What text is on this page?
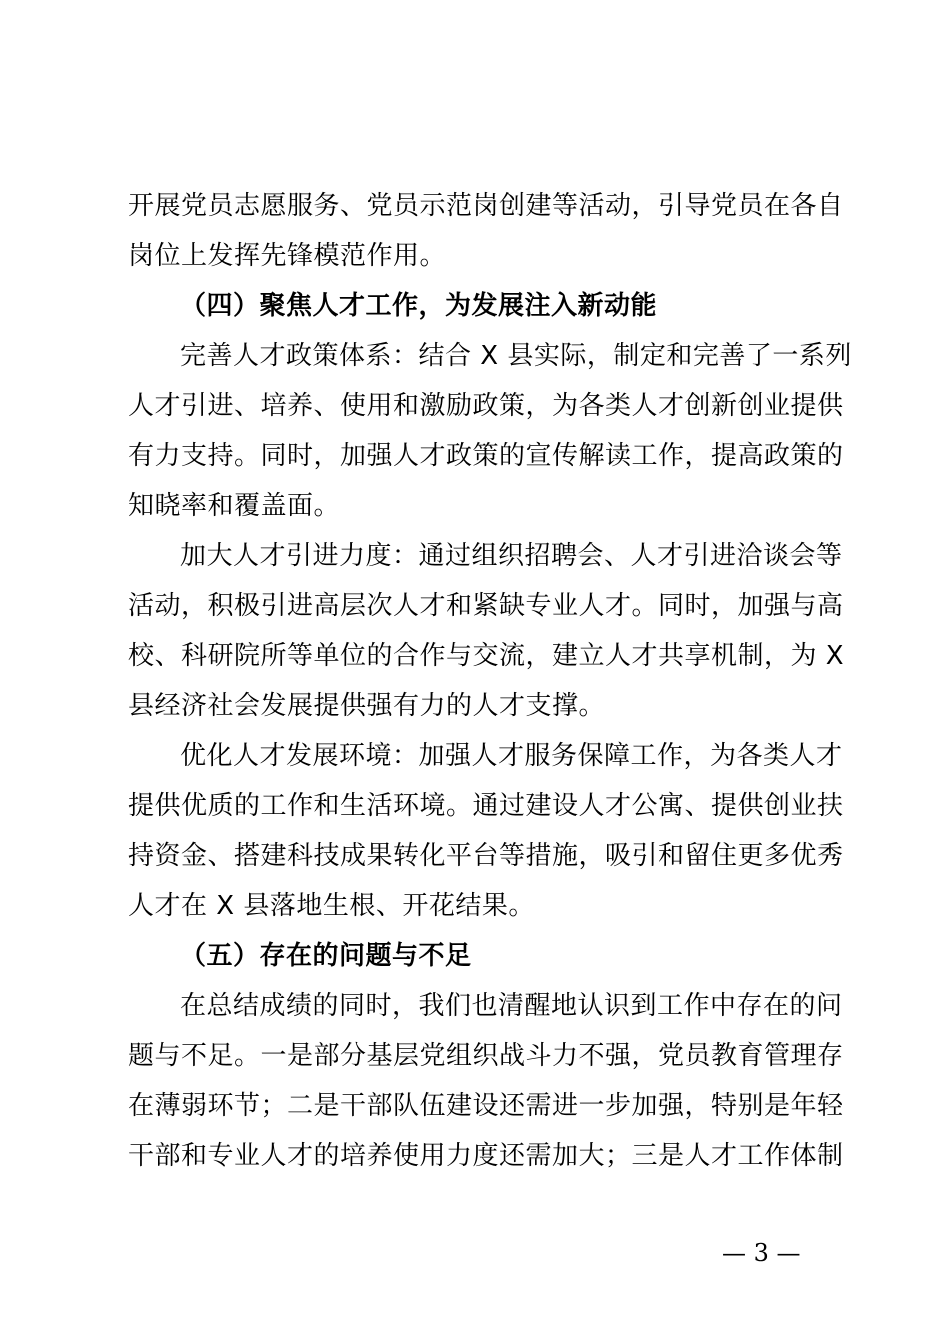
开展党员志愿服务、党员示范岗创建等活动，引导党员在各自
岗位上发挥先锋模范作用。
（四）聚焦人才工作，为发展注入新动能
完善人才政策体系：结合 X 县实际，制定和完善了一系列
人才引进、培养、使用和激励政策，为各类人才创新创业提供
有力支持。同时，加强人才政策的宣传解读工作，提高政策的
知晓率和覆盖面。
加大人才引进力度：通过组织招聘会、人才引进洽谈会等
活动，积极引进高层次人才和紧缺专业人才。同时，加强与高
校、科研院所等单位的合作与交流，建立人才共享机制，为 X
县经济社会发展提供强有力的人才支撑。
优化人才发展环境：加强人才服务保障工作，为各类人才
提供优质的工作和生活环境。通过建设人才公寓、提供创业扶
持资金、搭建科技成果转化平台等措施，吸引和留住更多优秀
人才在 X 县落地生根、开花结果。
（五）存在的问题与不足
在总结成绩的同时，我们也清醒地认识到工作中存在的问
题与不足。一是部分基层党组织战斗力不强，党员教育管理存
在薄弱环节；二是干部队伍建设还需进一步加强，特别是年轻
干部和专业人才的培养使用力度还需加大；三是人才工作体制
— 3 —
